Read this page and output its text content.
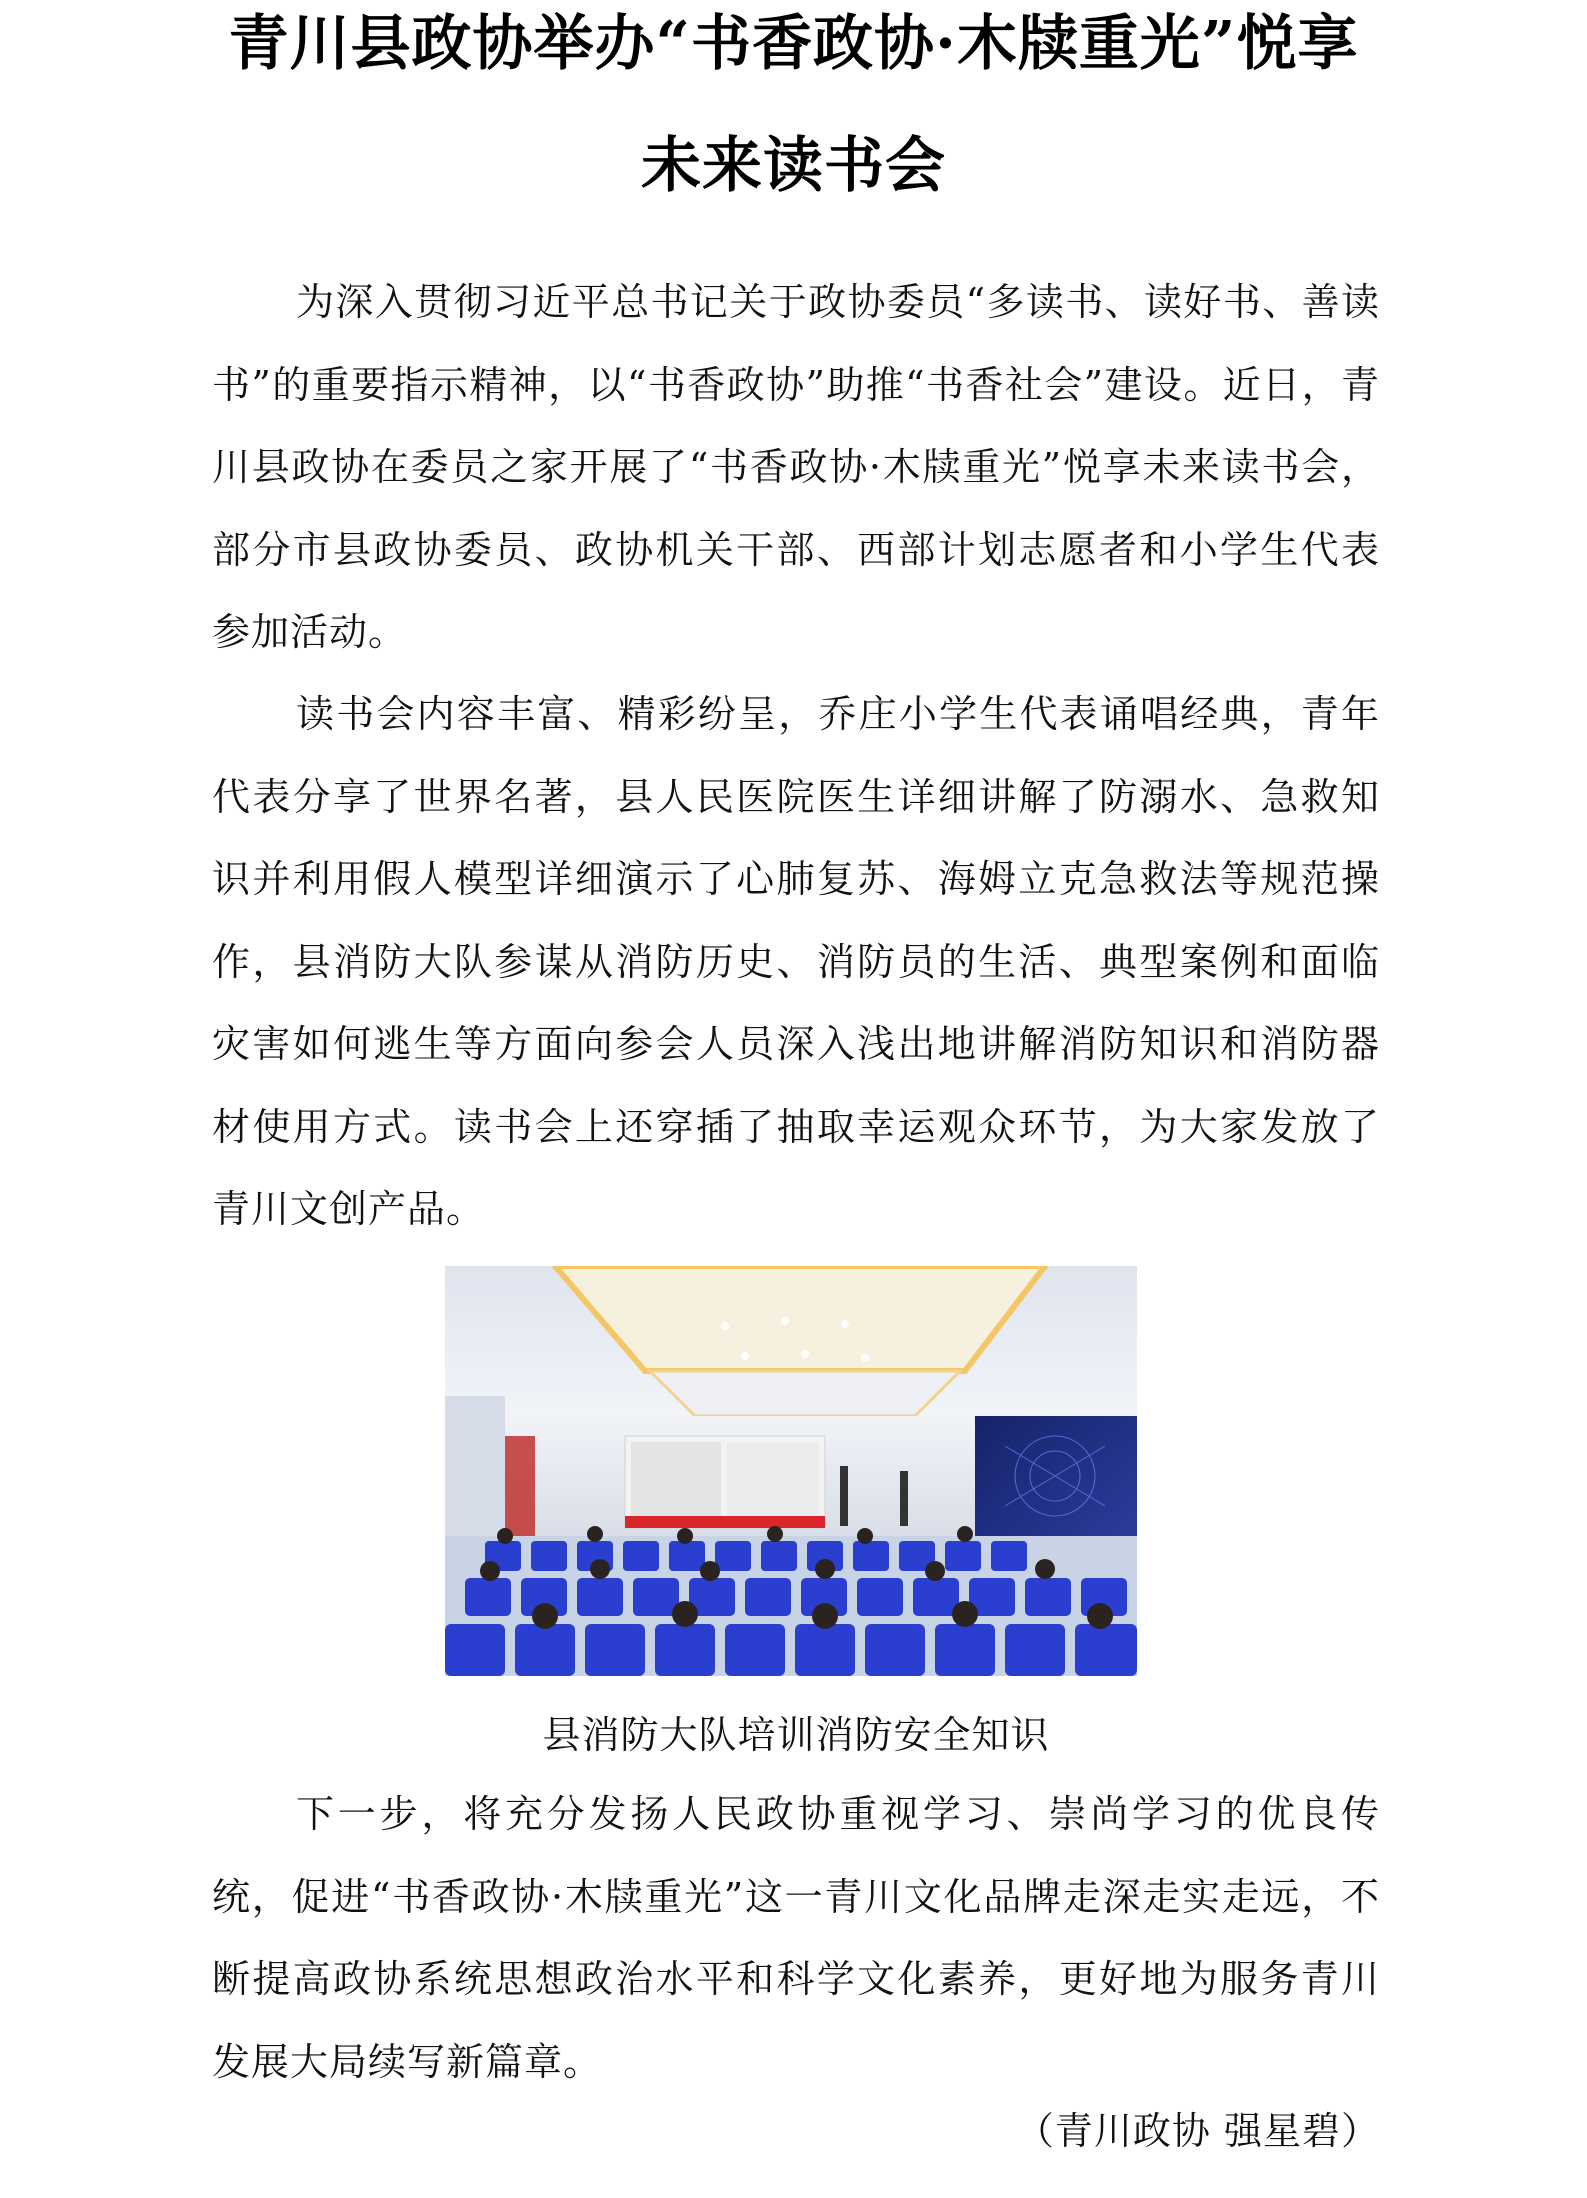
青川县政协举办“书香政协·木牍重光”悦享
未来读书会

为深入贯彻习近平总书记关于政协委员“多读书、读好书、善读书”的重要指示精神，以“书香政协”助推“书香社会”建设。近日，青川县政协在委员之家开展了“书香政协·木牍重光”悦享未来读书会，部分市县政协委员、政协机关干部、西部计划志愿者和小学生代表参加活动。

读书会内容丰富、精彩纷呈，乔庄小学生代表诵唱经典，青年代表分享了世界名著，县人民医院医生详细讲解了防溺水、急救知识并利用假人模型详细演示了心肺复苏、海姆立克急救法等规范操作，县消防大队参谋从消防历史、消防员的生活、典型案例和面临灾害如何逃生等方面向参会人员深入浅出地讲解消防知识和消防器材使用方式。读书会上还穿插了抽取幸运观众环节，为大家发放了青川文创产品。

县消防大队培训消防安全知识

下一步，将充分发扬人民政协重视学习、崇尚学习的优良传统，促进“书香政协·木牍重光”这一青川文化品牌走深走实走远，不断提高政协系统思想政治水平和科学文化素养，更好地为服务青川发展大局续写新篇章。

（青川政协 强星碧）
